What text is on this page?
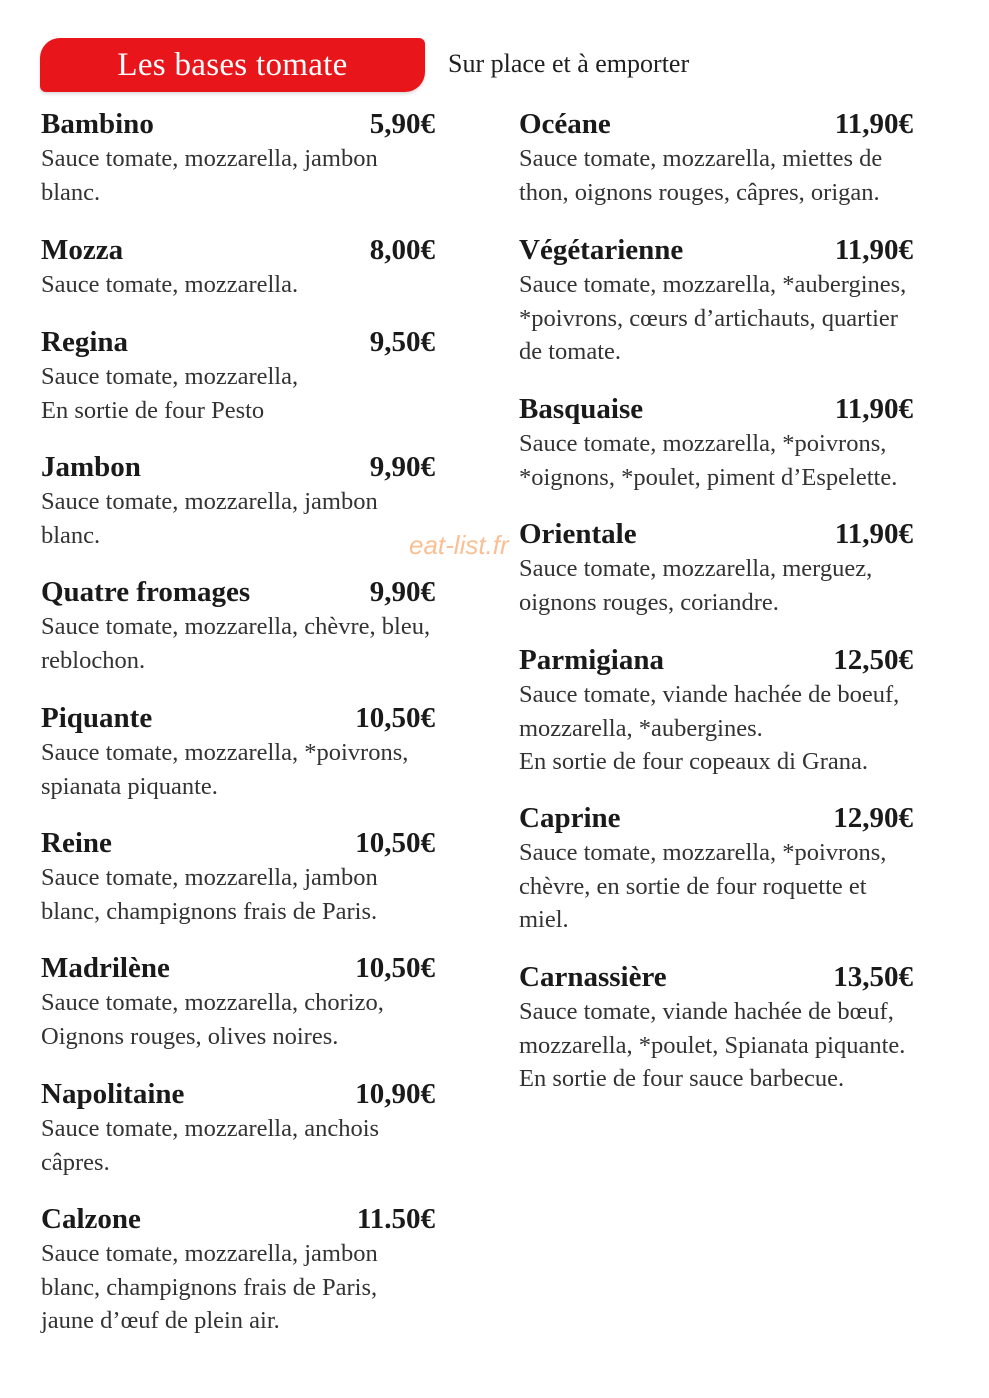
Les bases tomate	Sur place et à emporter
Bambino	5,90€
Sauce tomate, mozzarella, jambon
blanc.
Mozza	8,00€
Sauce tomate, mozzarella.
Regina	9,50€
Sauce tomate, mozzarella,
En sortie de four Pesto
Jambon	9,90€
Sauce tomate, mozzarella, jambon
blanc.
Quatre fromages	9,90€
Sauce tomate, mozzarella, chèvre, bleu,
reblochon.
Piquante	10,50€
Sauce tomate, mozzarella, *poivrons,
spianata piquante.
Reine	10,50€
Sauce tomate, mozzarella, jambon
blanc, champignons frais de Paris.
Madrilène	10,50€
Sauce tomate, mozzarella, chorizo,
Oignons rouges, olives noires.
Napolitaine	10,90€
Sauce tomate, mozzarella, anchois
câpres.
Calzone	11.50€
Sauce tomate, mozzarella, jambon
blanc, champignons frais de Paris,
jaune d’œuf de plein air.
Océane	11,90€
Sauce tomate, mozzarella, miettes de
thon, oignons rouges, câpres, origan.
Végétarienne	11,90€
Sauce tomate, mozzarella, *aubergines,
*poivrons, cœurs d’artichauts, quartier
de tomate.
Basquaise	11,90€
Sauce tomate, mozzarella, *poivrons,
*oignons, *poulet, piment d’Espelette.
Orientale	11,90€
Sauce tomate, mozzarella, merguez,
oignons rouges, coriandre.
Parmigiana	12,50€
Sauce tomate, viande hachée de boeuf,
mozzarella, *aubergines.
En sortie de four copeaux di Grana.
Caprine	12,90€
Sauce tomate, mozzarella, *poivrons,
chèvre, en sortie de four roquette et
miel.
Carnassière	13,50€
Sauce tomate, viande hachée de bœuf,
mozzarella, *poulet, Spianata piquante.
En sortie de four sauce barbecue.
eat-list.fr
